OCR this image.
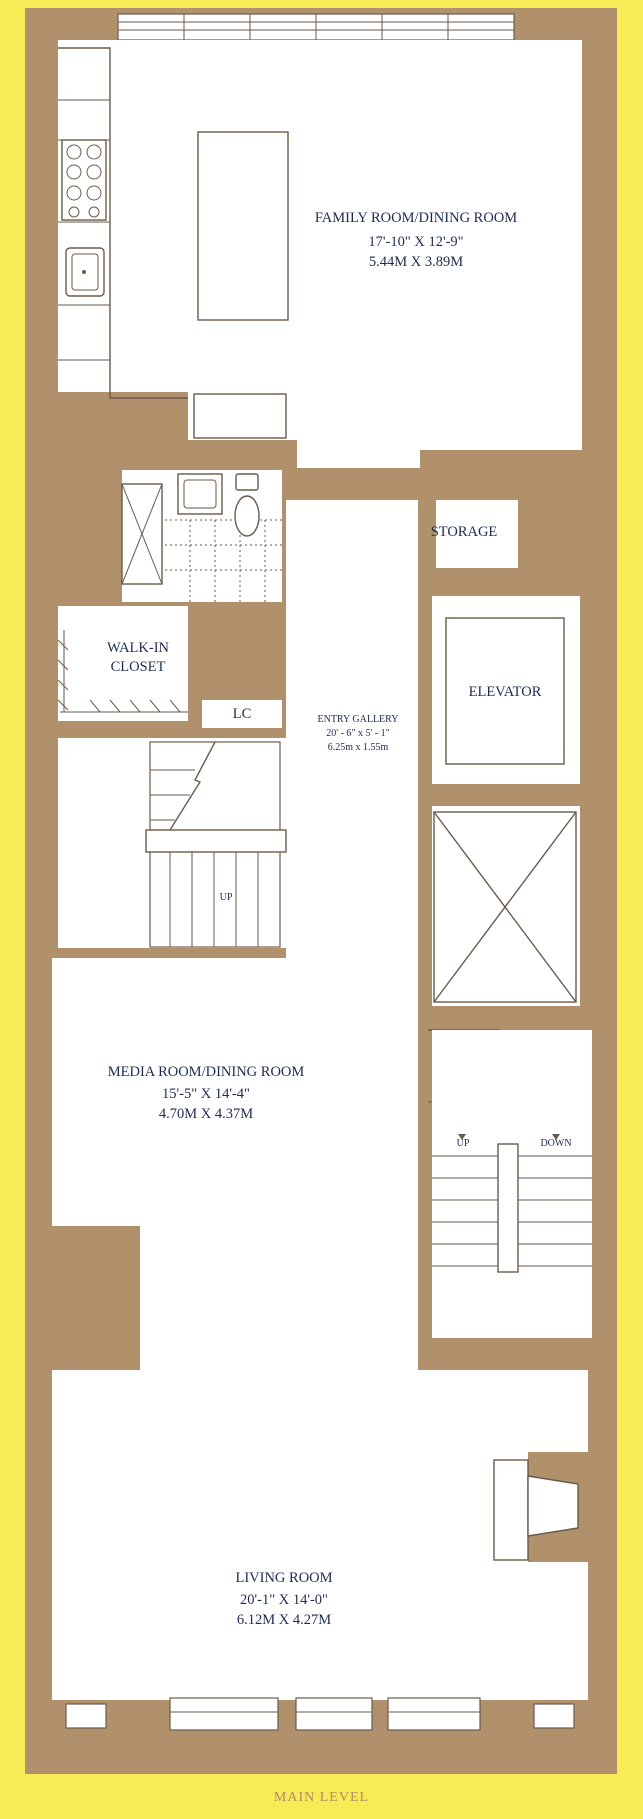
FAMILY ROOM/DINING ROOM
17'-10" X 12'-9"
5.44M X 3.89M
STORAGE
WALK-IN
CLOSET
LC	ENTRY GALLERY
20' - 6" x 5' - 1"
6.25m x 1.55m
ELEVATOR
UP
MEDIA ROOM/DINING ROOM
15'-5" X 14'-4"
4.70M X 4.37M
UP	DOWN
LIVING ROOM
20'-1" X 14'-0"
6.12M X 4.27M
MAIN LEVEL
